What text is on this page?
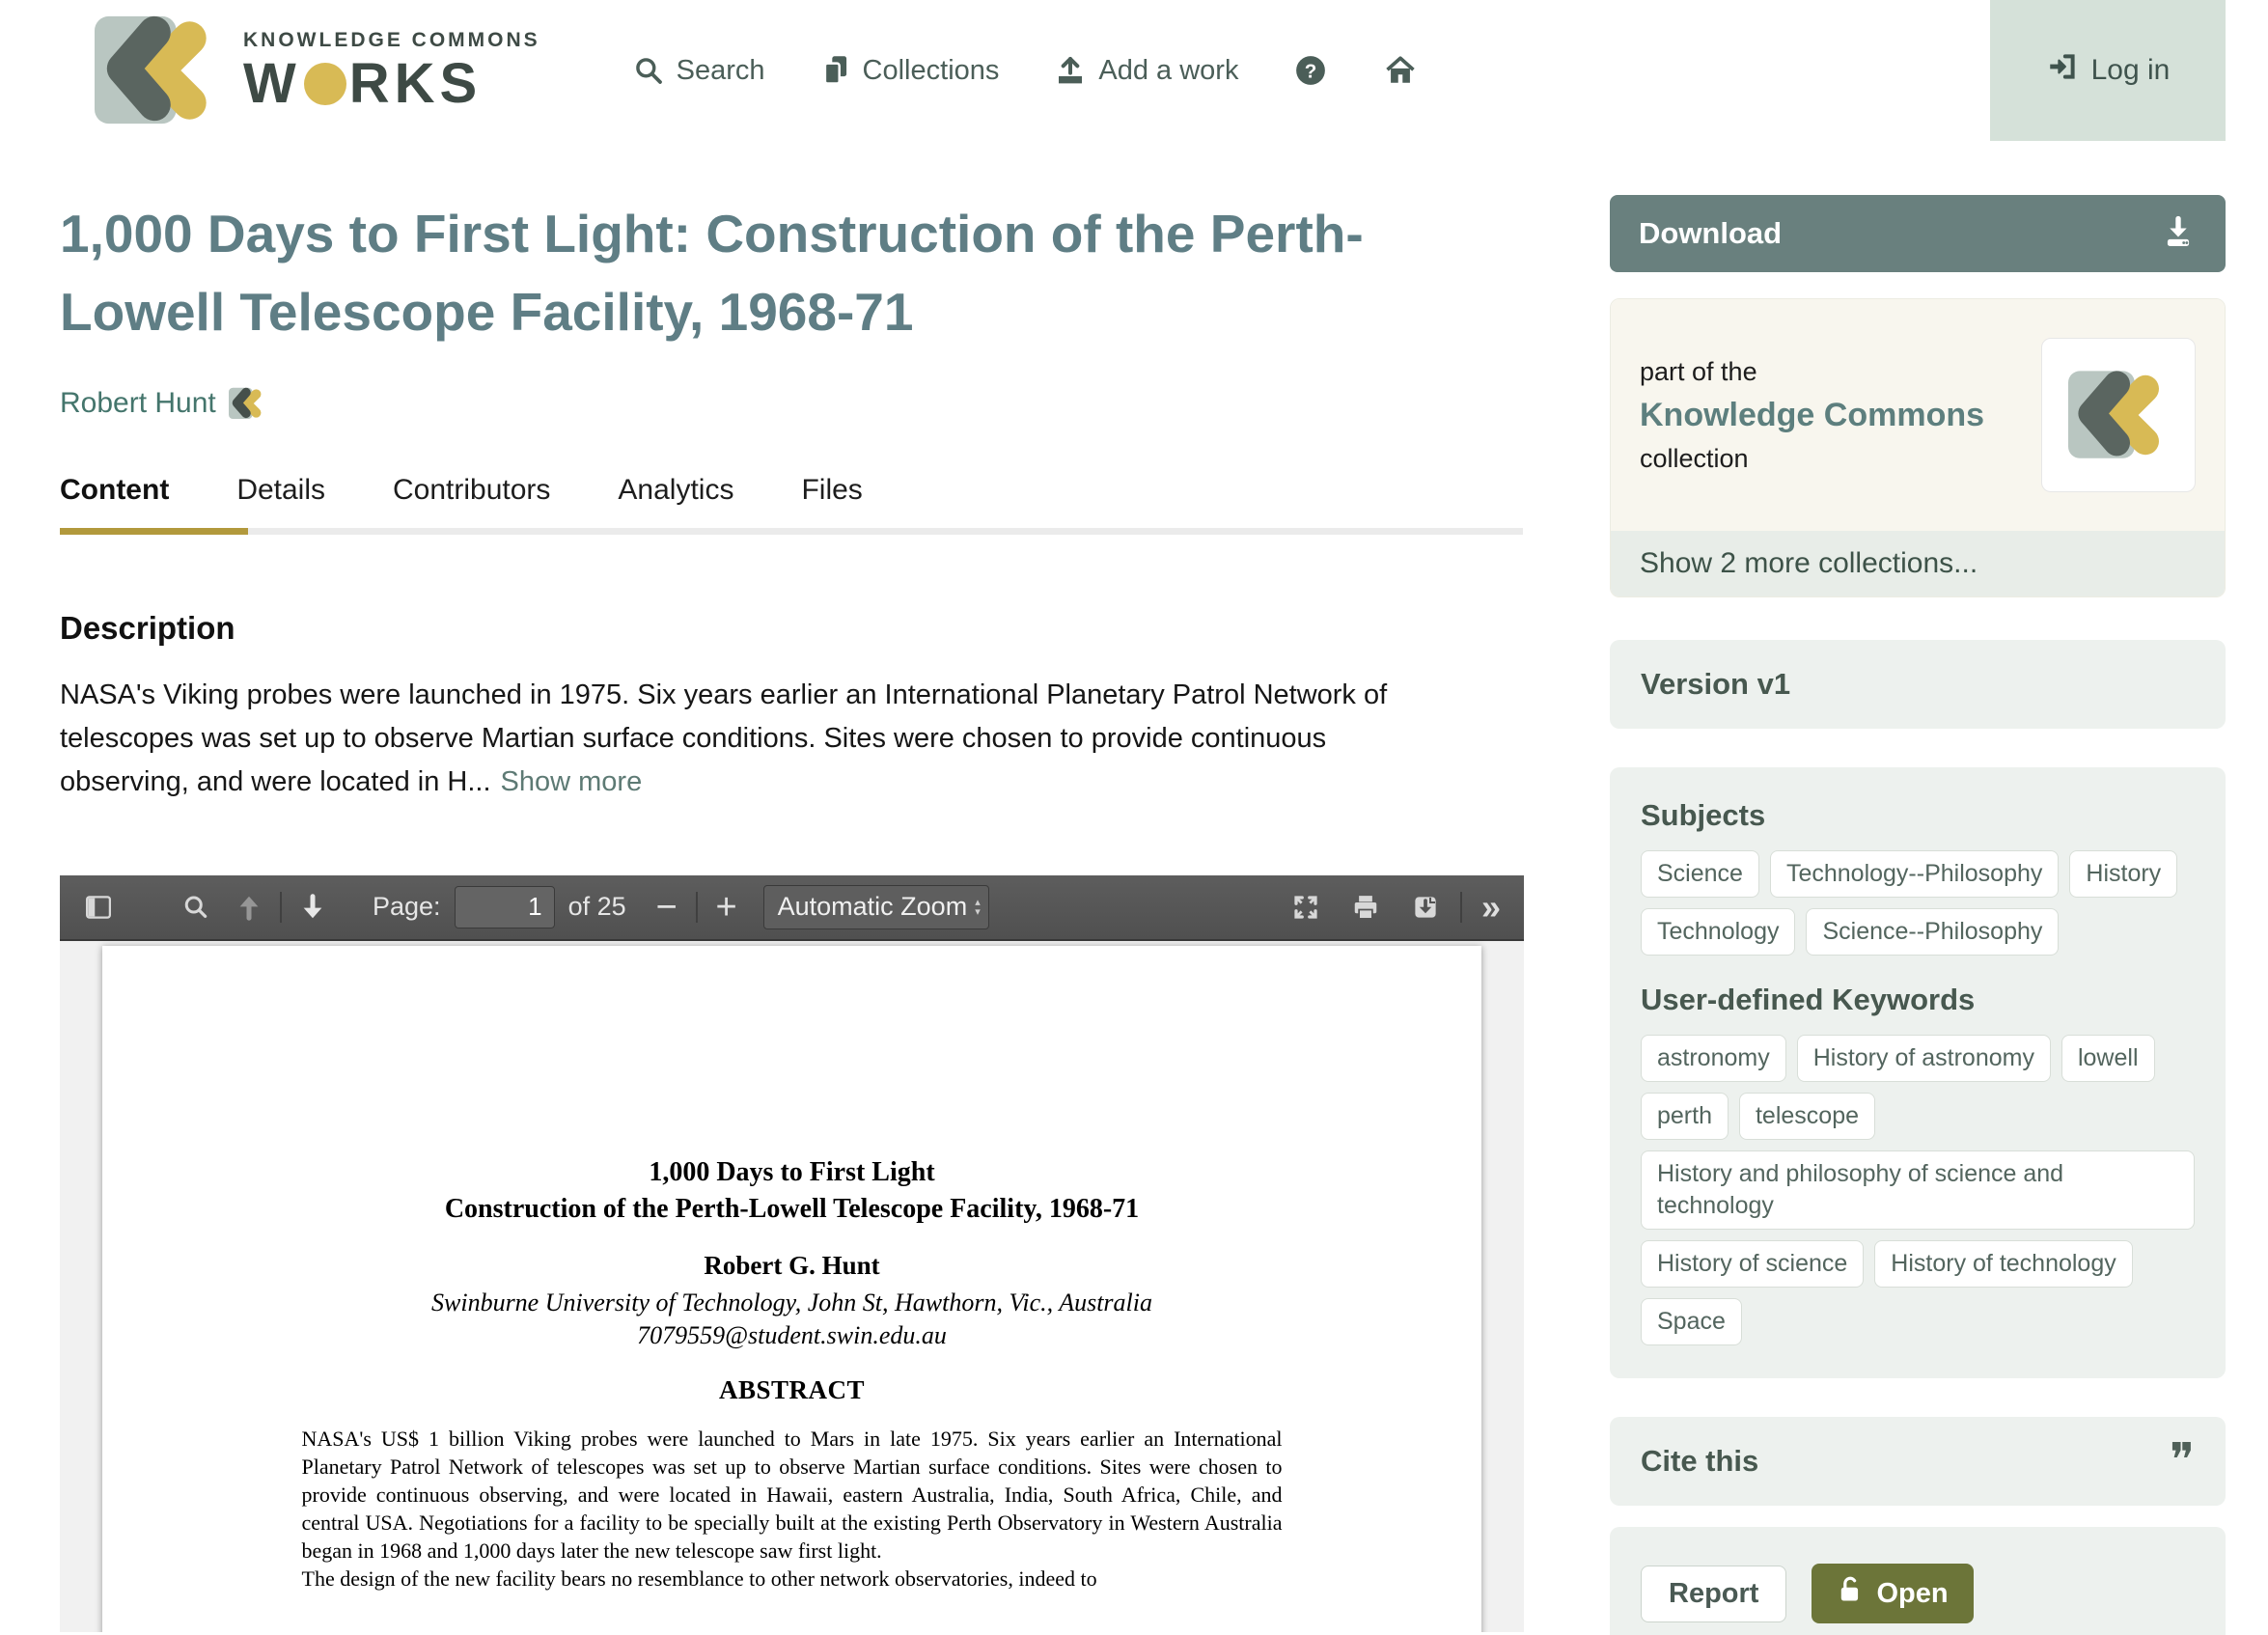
KNOWLEDGE COMMONS
W RKS	Search	Collections	Add a work	?	Log in
1,000 Days to First Light: Construction of the Perth-Lowell Telescope Facility, 1968-71
Robert Hunt
Content Details Contributors Analytics Files
Description

NASA's Viking probes were launched in 1975. Six years earlier an International Planetary Patrol Network of telescopes was set up to observe Martian surface conditions. Sites were chosen to provide continuous observing, and were located in H... Show more

Page:
1	of 25 − +	Automatic Zoom ▴
▾	»
1,000 Days to First Light
Construction of the Perth-Lowell Telescope Facility, 1968-71
Robert G. Hunt
Swinburne University of Technology, John St, Hawthorn, Vic., Australia
7079559@student.swin.edu.au
ABSTRACT

NASA's US$ 1 billion Viking probes were launched to Mars in late 1975. Six years earlier an International Planetary Patrol Network of telescopes was set up to observe Martian surface conditions. Sites were chosen to provide continuous observing, and were located in Hawaii, eastern Australia, India, South Africa, Chile, and central USA. Negotiations for a facility to be specially built at the existing Perth Observatory in Western Australia began in 1968 and 1,000 days later the new telescope saw first light.

The design of the new facility bears no resemblance to other network observatories, indeed to

Download
part of the
Knowledge Commons
collection
Show 2 more collections...
Version v1
Subjects
Science	Technology--Philosophy	History
Technology	Science--Philosophy
User-defined Keywords
astronomy	History of astronomy	lowell
perth	telescope
History and philosophy of science and technology
History of science	History of technology
Space
Cite this	❞
Report	Open
